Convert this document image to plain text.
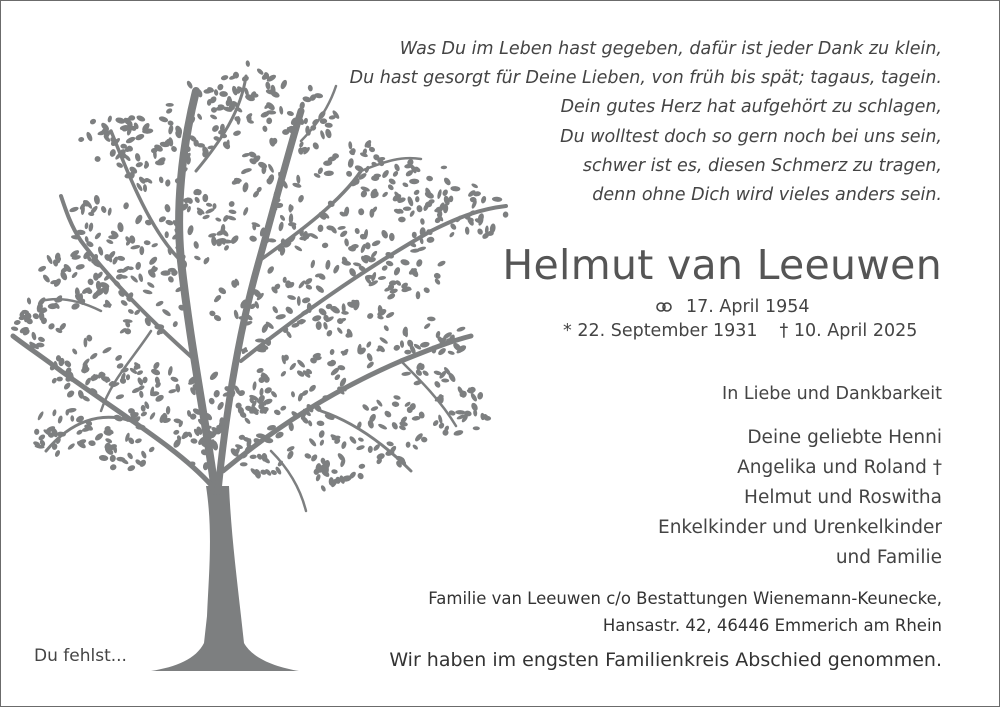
Was Du im Leben hast gegeben, dafür ist jeder Dank zu klein,
Du hast gesorgt für Deine Lieben, von früh bis spät; tagaus, tagein.
Dein gutes Herz hat aufgehört zu schlagen,
Du wolltest doch so gern noch bei uns sein,
schwer ist es, diesen Schmerz zu tragen,
denn ohne Dich wird vieles anders sein.
Helmut van Leeuwen
17. April 1954
* 22. September 1931 † 10. April 2025
In Liebe und Dankbarkeit
Deine geliebte Henni
Angelika und Roland †
Helmut und Roswitha
Enkelkinder und Urenkelkinder
und Familie
Familie van Leeuwen c/o Bestattungen Wienemann-Keunecke,
Hansastr. 42, 46446 Emmerich am Rhein
Wir haben im engsten Familienkreis Abschied genommen.
Du fehlst...
